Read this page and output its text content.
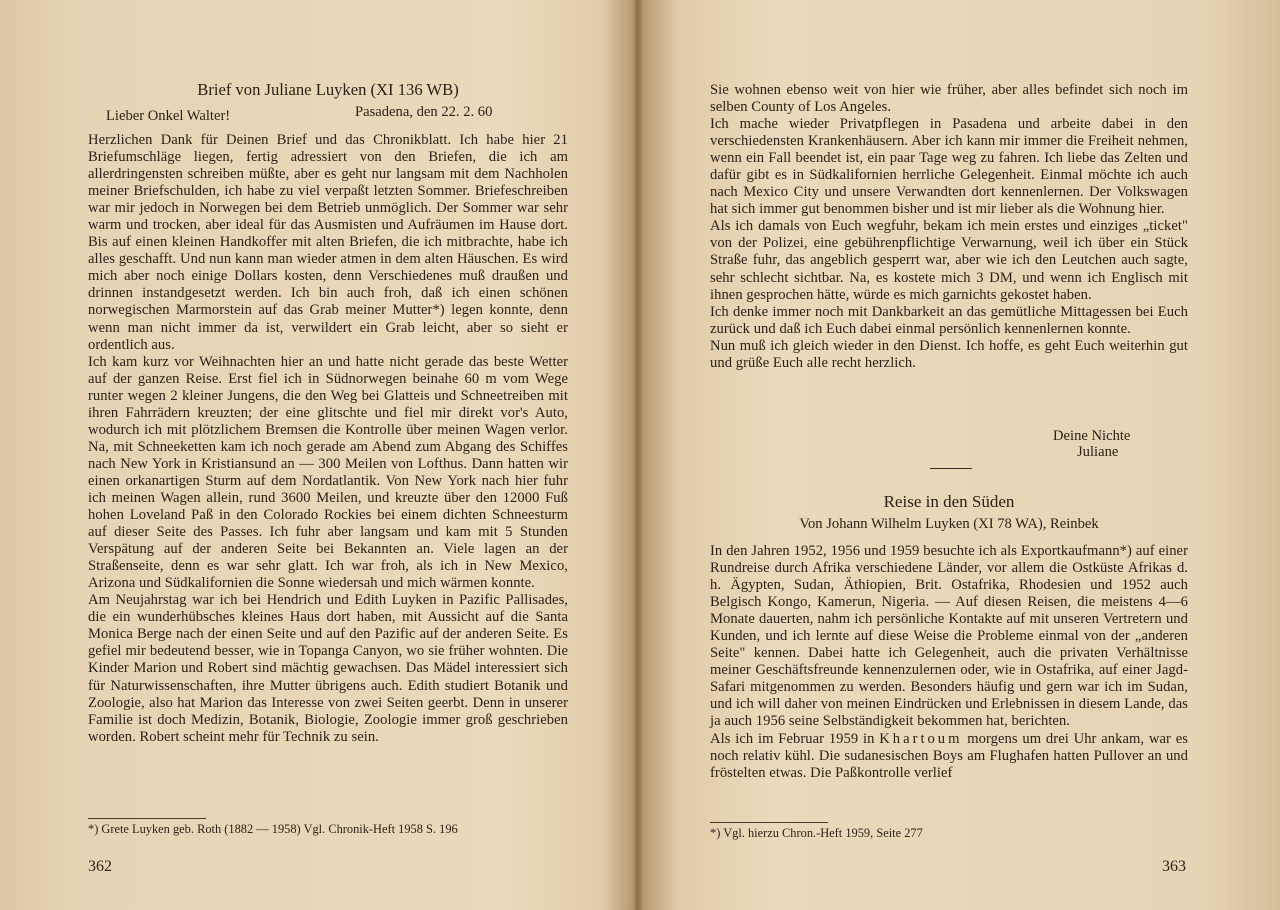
Brief von Juliane Luyken (XI 136 WB)
Lieber Onkel Walter!	Pasadena, den 22. 2. 60

Herzlichen Dank für Deinen Brief und das Chronikblatt. Ich habe hier 21 Briefumschläge liegen, fertig adressiert von den Briefen, die ich am allerdringensten schreiben müßte, aber es geht nur langsam mit dem Nachholen meiner Briefschulden, ich habe zu viel verpaßt letzten Sommer. Briefeschreiben war mir jedoch in Norwegen bei dem Betrieb unmöglich. Der Sommer war sehr warm und trocken, aber ideal für das Ausmisten und Aufräumen im Hause dort. Bis auf einen kleinen Handkoffer mit alten Briefen, die ich mitbrachte, habe ich alles geschafft. Und nun kann man wieder atmen in dem alten Häuschen. Es wird mich aber noch einige Dollars kosten, denn Verschiedenes muß draußen und drinnen instandgesetzt werden. Ich bin auch froh, daß ich einen schönen norwegischen Marmorstein auf das Grab meiner Mutter*) legen konnte, denn wenn man nicht immer da ist, verwildert ein Grab leicht, aber so sieht er ordentlich aus.

Ich kam kurz vor Weihnachten hier an und hatte nicht gerade das beste Wetter auf der ganzen Reise. Erst fiel ich in Südnorwegen beinahe 60 m vom Wege runter wegen 2 kleiner Jungens, die den Weg bei Glatteis und Schneetreiben mit ihren Fahrrädern kreuzten; der eine glitschte und fiel mir direkt vor's Auto, wodurch ich mit plötzlichem Bremsen die Kontrolle über meinen Wagen verlor. Na, mit Schneeketten kam ich noch gerade am Abend zum Abgang des Schiffes nach New York in Kristiansund an — 300 Meilen von Lofthus. Dann hatten wir einen orkanartigen Sturm auf dem Nordatlantik. Von New York nach hier fuhr ich meinen Wagen allein, rund 3600 Meilen, und kreuzte über den 12000 Fuß hohen Loveland Paß in den Colorado Rockies bei einem dichten Schneesturm auf dieser Seite des Passes. Ich fuhr aber langsam und kam mit 5 Stunden Verspätung auf der anderen Seite bei Bekannten an. Viele lagen an der Straßenseite, denn es war sehr glatt. Ich war froh, als ich in New Mexico, Arizona und Südkalifornien die Sonne wiedersah und mich wärmen konnte.

Am Neujahrstag war ich bei Hendrich und Edith Luyken in Pazific Pallisades, die ein wunderhübsches kleines Haus dort haben, mit Aussicht auf die Santa Monica Berge nach der einen Seite und auf den Pazific auf der anderen Seite. Es gefiel mir bedeutend besser, wie in Topanga Canyon, wo sie früher wohnten. Die Kinder Marion und Robert sind mächtig gewachsen. Das Mädel interessiert sich für Naturwissenschaften, ihre Mutter übrigens auch. Edith studiert Botanik und Zoologie, also hat Marion das Interesse von zwei Seiten geerbt. Denn in unserer Familie ist doch Medizin, Botanik, Biologie, Zoologie immer groß geschrieben worden. Robert scheint mehr für Technik zu sein.

*) Grete Luyken geb. Roth (1882 — 1958) Vgl. Chronik-Heft 1958 S. 196
362

Sie wohnen ebenso weit von hier wie früher, aber alles befindet sich noch im selben County of Los Angeles.

Ich mache wieder Privatpflegen in Pasadena und arbeite dabei in den verschiedensten Krankenhäusern. Aber ich kann mir immer die Freiheit nehmen, wenn ein Fall beendet ist, ein paar Tage weg zu fahren. Ich liebe das Zelten und dafür gibt es in Südkalifornien herrliche Gelegenheit. Einmal möchte ich auch nach Mexico City und unsere Verwandten dort kennenlernen. Der Volkswagen hat sich immer gut benommen bisher und ist mir lieber als die Wohnung hier.

Als ich damals von Euch wegfuhr, bekam ich mein erstes und einziges „ticket" von der Polizei, eine gebührenpflichtige Verwarnung, weil ich über ein Stück Straße fuhr, das angeblich gesperrt war, aber wie ich den Leutchen auch sagte, sehr schlecht sichtbar. Na, es kostete mich 3 DM, und wenn ich Englisch mit ihnen gesprochen hätte, würde es mich garnichts gekostet haben.

Ich denke immer noch mit Dankbarkeit an das gemütliche Mittagessen bei Euch zurück und daß ich Euch dabei einmal persönlich kennenlernen konnte.

Nun muß ich gleich wieder in den Dienst. Ich hoffe, es geht Euch weiterhin gut und grüße Euch alle recht herzlich.

Deine Nichte
Juliane
Reise in den Süden
Von Johann Wilhelm Luyken (XI 78 WA), Reinbek

In den Jahren 1952, 1956 und 1959 besuchte ich als Exportkaufmann*) auf einer Rundreise durch Afrika verschiedene Länder, vor allem die Ostküste Afrikas d. h. Ägypten, Sudan, Äthiopien, Brit. Ostafrika, Rhodesien und 1952 auch Belgisch Kongo, Kamerun, Nigeria. — Auf diesen Reisen, die meistens 4—6 Monate dauerten, nahm ich persönliche Kontakte auf mit unseren Vertretern und Kunden, und ich lernte auf diese Weise die Probleme einmal von der „anderen Seite" kennen. Dabei hatte ich Gelegenheit, auch die privaten Verhältnisse meiner Geschäftsfreunde kennenzulernen oder, wie in Ostafrika, auf einer Jagd-Safari mitgenommen zu werden. Besonders häufig und gern war ich im Sudan, und ich will daher von meinen Eindrücken und Erlebnissen in diesem Lande, das ja auch 1956 seine Selbständigkeit bekommen hat, berichten.

Als ich im Februar 1959 in Khartoum morgens um drei Uhr ankam, war es noch relativ kühl. Die sudanesischen Boys am Flughafen hatten Pullover an und fröstelten etwas. Die Paßkontrolle verlief

*) Vgl. hierzu Chron.-Heft 1959, Seite 277
363
